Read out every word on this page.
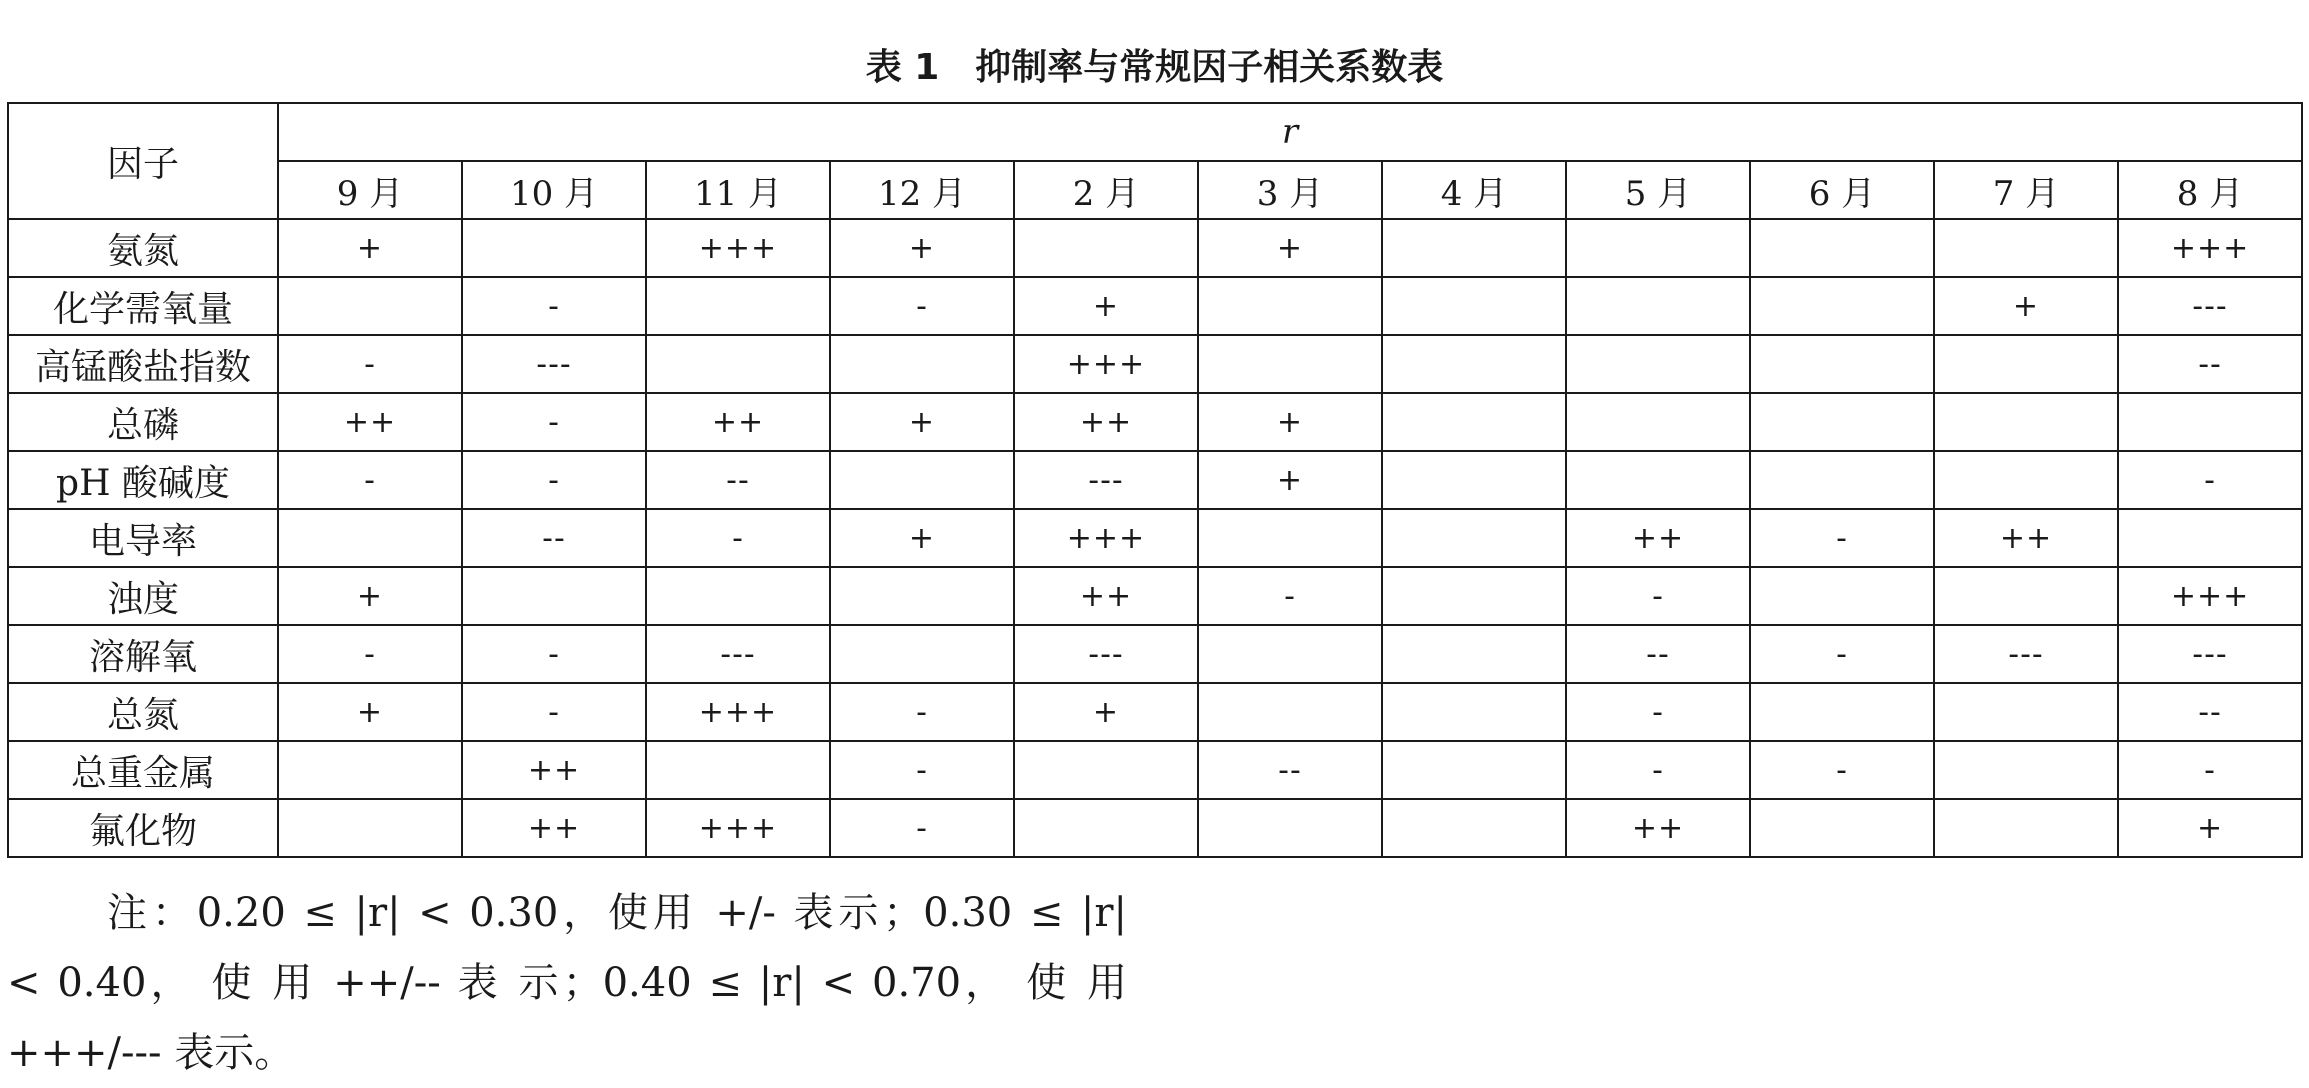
表 1　抑制率与常规因子相关系数表
因子	r										
	9 月	10 月	11 月	12 月	2 月	3 月	4 月	5 月	6 月	7 月	8 月
氨氮	+		+++	+		+					+++
化学需氧量		-		-	+					+	---
高锰酸盐指数	-	---			+++						--
总磷	++	-	++	+	++	+					
pH 酸碱度	-	-	--		---	+					-
电导率		--	-	+	+++			++	-	++	
浊度	+				++	-		-			+++
溶解氧	-	-	---		---			--	-	---	---
总氮	+	-	+++	-	+			-			--
总重金属		++		-		--		-	-		-
氟化物		++	+++	-				++			+
注：0.20 ≤ |r| < 0.30，使用 +/- 表示；0.30 ≤ |r|
< 0.40， 使 用 ++/-- 表 示；0.40 ≤ |r| < 0.70， 使 用
+++/--- 表示。
